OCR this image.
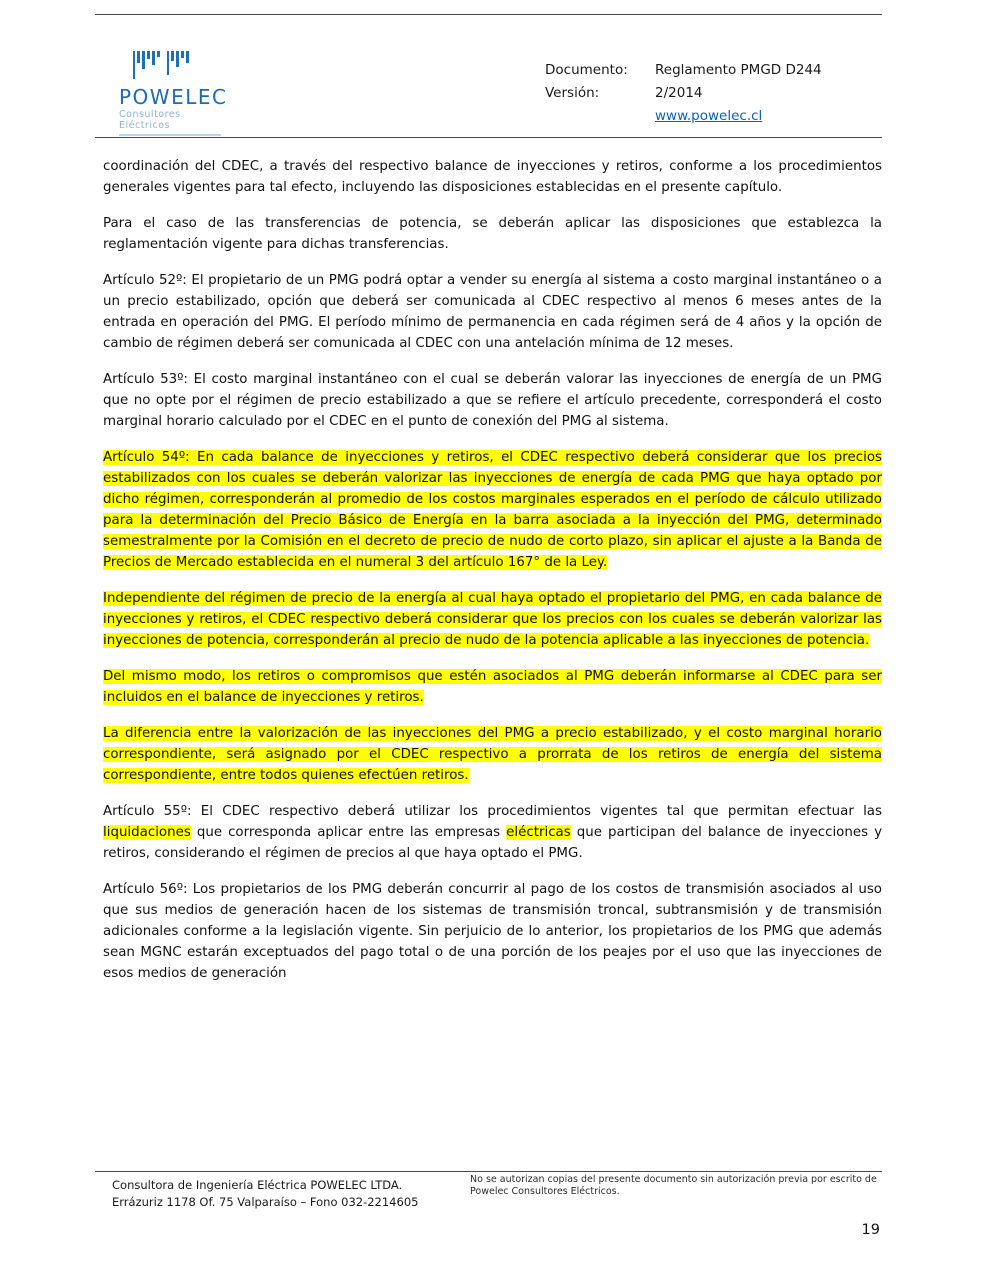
POWELEC
Consultores Eléctricos
Documento: Reglamento PMGD D244
Versión:	2/2014
www.powelec.cl

coordinación del CDEC, a través del respectivo balance de inyecciones y retiros, conforme a los procedimientos generales vigentes para tal efecto, incluyendo las disposiciones establecidas en el presente capítulo.

Para el caso de las transferencias de potencia, se deberán aplicar las disposiciones que establezca la reglamentación vigente para dichas transferencias.

Artículo 52º: El propietario de un PMG podrá optar a vender su energía al sistema a costo marginal instantáneo o a un precio estabilizado, opción que deberá ser comunicada al CDEC respectivo al menos 6 meses antes de la entrada en operación del PMG. El período mínimo de permanencia en cada régimen será de 4 años y la opción de cambio de régimen deberá ser comunicada al CDEC con una antelación mínima de 12 meses.

Artículo 53º: El costo marginal instantáneo con el cual se deberán valorar las inyecciones de energía de un PMG que no opte por el régimen de precio estabilizado a que se refiere el artículo precedente, corresponderá el costo marginal horario calculado por el CDEC en el punto de conexión del PMG al sistema.

Artículo 54º: En cada balance de inyecciones y retiros, el CDEC respectivo deberá considerar que los precios estabilizados con los cuales se deberán valorizar las inyecciones de energía de cada PMG que haya optado por dicho régimen, corresponderán al promedio de los costos marginales esperados en el período de cálculo utilizado para la determinación del Precio Básico de Energía en la barra asociada a la inyección del PMG, determinado semestralmente por la Comisión en el decreto de precio de nudo de corto plazo, sin aplicar el ajuste a la Banda de Precios de Mercado establecida en el numeral 3 del artículo 167° de la Ley.

Independiente del régimen de precio de la energía al cual haya optado el propietario del PMG, en cada balance de inyecciones y retiros, el CDEC respectivo deberá considerar que los precios con los cuales se deberán valorizar las inyecciones de potencia, corresponderán al precio de nudo de la potencia aplicable a las inyecciones de potencia.

Del mismo modo, los retiros o compromisos que estén asociados al PMG deberán informarse al CDEC para ser incluidos en el balance de inyecciones y retiros.

La diferencia entre la valorización de las inyecciones del PMG a precio estabilizado, y el costo marginal horario correspondiente, será asignado por el CDEC respectivo a prorrata de los retiros de energía del sistema correspondiente, entre todos quienes efectúen retiros.

Artículo 55º: El CDEC respectivo deberá utilizar los procedimientos vigentes tal que permitan efectuar las liquidaciones que corresponda aplicar entre las empresas eléctricas que participan del balance de inyecciones y retiros, considerando el régimen de precios al que haya optado el PMG.

Artículo 56º: Los propietarios de los PMG deberán concurrir al pago de los costos de transmisión asociados al uso que sus medios de generación hacen de los sistemas de transmisión troncal, subtransmisión y de transmisión adicionales conforme a la legislación vigente. Sin perjuicio de lo anterior, los propietarios de los PMG que además sean MGNC estarán exceptuados del pago total o de una porción de los peajes por el uso que las inyecciones de esos medios de generación

Consultora de Ingeniería Eléctrica POWELEC LTDA.
Errázuriz 1178 Of. 75 Valparaíso – Fono 032-2214605
No se autorizan copias del presente documento sin autorización previa por escrito de Powelec Consultores Eléctricos.
19
